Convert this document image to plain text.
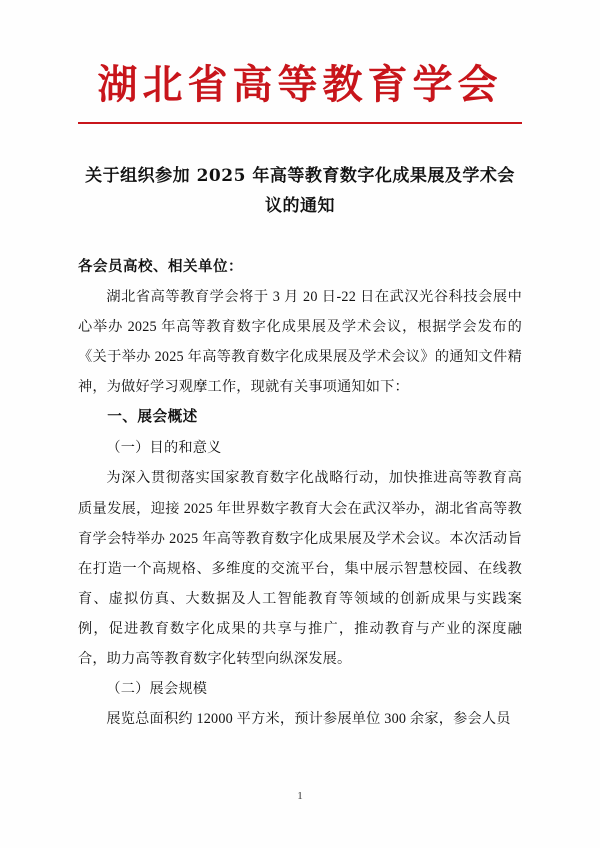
湖北省高等教育学会
关于组织参加 2025 年高等教育数字化成果展及学术会议的通知
各会员高校、相关单位：

湖北省高等教育学会将于 3 月 20 日-22 日在武汉光谷科技会展中心举办 2025 年高等教育数字化成果展及学术会议，根据学会发布的《关于举办 2025 年高等教育数字化成果展及学术会议》的通知文件精神，为做好学习观摩工作，现就有关事项通知如下：

一、展会概述

（一）目的和意义

为深入贯彻落实国家教育数字化战略行动，加快推进高等教育高质量发展，迎接 2025 年世界数字教育大会在武汉举办，湖北省高等教育学会特举办 2025 年高等教育数字化成果展及学术会议。本次活动旨在打造一个高规格、多维度的交流平台，集中展示智慧校园、在线教育、虚拟仿真、大数据及人工智能教育等领域的创新成果与实践案例，促进教育数字化成果的共享与推广，推动教育与产业的深度融合，助力高等教育数字化转型向纵深发展。

（二）展会规模

展览总面积约 12000 平方米，预计参展单位 300 余家，参会人员

1
